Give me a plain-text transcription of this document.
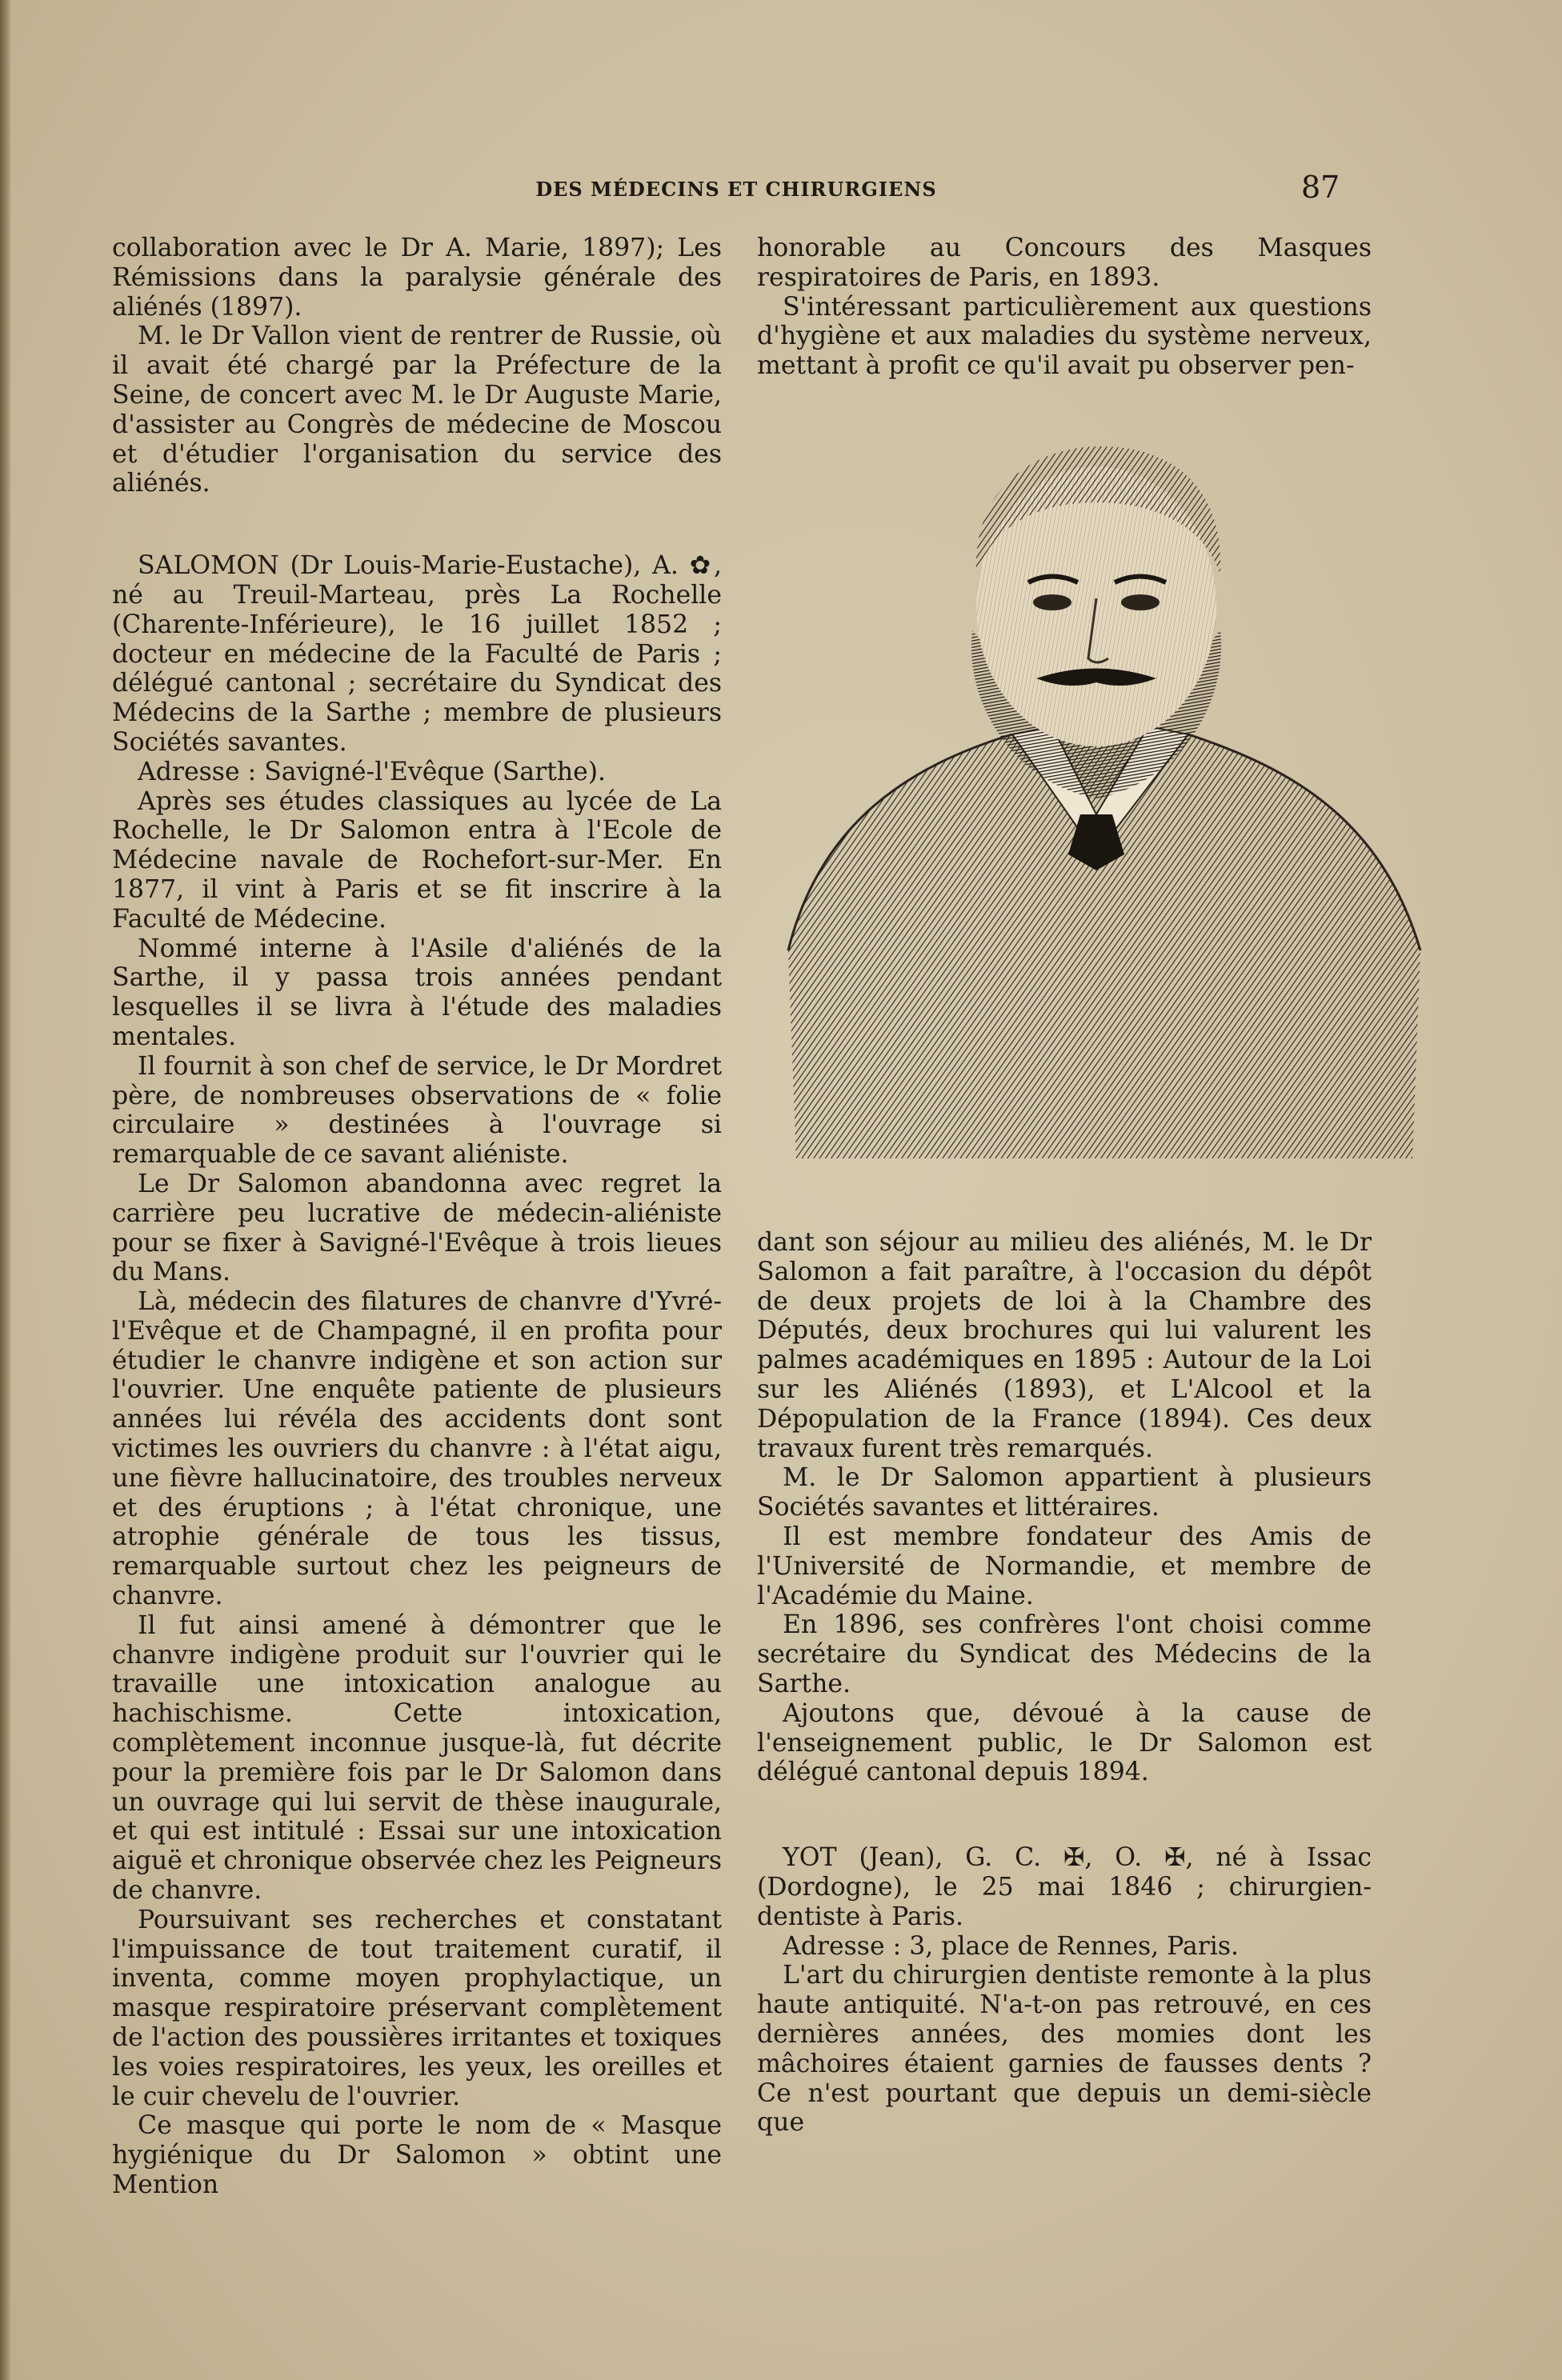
DES MÉDECINS ET CHIRURGIENS	87

collaboration avec le Dr A. Marie, 1897); Les Rémissions dans la paralysie générale des aliénés (1897).

M. le Dr Vallon vient de rentrer de Russie, où il avait été chargé par la Préfecture de la Seine, de concert avec M. le Dr Auguste Marie, d'assister au Congrès de médecine de Moscou et d'étudier l'organisation du service des aliénés.

SALOMON (Dr Louis-Marie-Eustache), A. ✿, né au Treuil-Marteau, près La Rochelle (Charente-Inférieure), le 16 juillet 1852 ; docteur en médecine de la Faculté de Paris ; délégué cantonal ; secrétaire du Syndicat des Médecins de la Sarthe ; membre de plusieurs Sociétés savantes.

Adresse : Savigné-l'Evêque (Sarthe).

Après ses études classiques au lycée de La Rochelle, le Dr Salomon entra à l'Ecole de Médecine navale de Rochefort-sur-Mer. En 1877, il vint à Paris et se fit inscrire à la Faculté de Médecine.

Nommé interne à l'Asile d'aliénés de la Sarthe, il y passa trois années pendant lesquelles il se livra à l'étude des maladies mentales.

Il fournit à son chef de service, le Dr Mordret père, de nombreuses observations de « folie circulaire » destinées à l'ouvrage si remarquable de ce savant aliéniste.

Le Dr Salomon abandonna avec regret la carrière peu lucrative de médecin-aliéniste pour se fixer à Savigné-l'Evêque à trois lieues du Mans.

Là, médecin des filatures de chanvre d'Yvré-l'Evêque et de Champagné, il en profita pour étudier le chanvre indigène et son action sur l'ouvrier. Une enquête patiente de plusieurs années lui révéla des accidents dont sont victimes les ouvriers du chanvre : à l'état aigu, une fièvre hallucinatoire, des troubles nerveux et des éruptions ; à l'état chronique, une atrophie générale de tous les tissus, remarquable surtout chez les peigneurs de chanvre.

Il fut ainsi amené à démontrer que le chanvre indigène produit sur l'ouvrier qui le travaille une intoxication analogue au hachischisme. Cette intoxication, complètement inconnue jusque-là, fut décrite pour la première fois par le Dr Salomon dans un ouvrage qui lui servit de thèse inaugurale, et qui est intitulé : Essai sur une intoxication aiguë et chronique observée chez les Peigneurs de chanvre.

Poursuivant ses recherches et constatant l'impuissance de tout traitement curatif, il inventa, comme moyen prophylactique, un masque respiratoire préservant complètement de l'action des poussières irritantes et toxiques les voies respiratoires, les yeux, les oreilles et le cuir chevelu de l'ouvrier.

Ce masque qui porte le nom de « Masque hygiénique du Dr Salomon » obtint une Mention

honorable au Concours des Masques respiratoires de Paris, en 1893.

S'intéressant particulièrement aux questions d'hygiène et aux maladies du système nerveux, mettant à profit ce qu'il avait pu observer pen-

dant son séjour au milieu des aliénés, M. le Dr Salomon a fait paraître, à l'occasion du dépôt de deux projets de loi à la Chambre des Députés, deux brochures qui lui valurent les palmes académiques en 1895 : Autour de la Loi sur les Aliénés (1893), et L'Alcool et la Dépopulation de la France (1894). Ces deux travaux furent très remarqués.

M. le Dr Salomon appartient à plusieurs Sociétés savantes et littéraires.

Il est membre fondateur des Amis de l'Université de Normandie, et membre de l'Académie du Maine.

En 1896, ses confrères l'ont choisi comme secrétaire du Syndicat des Médecins de la Sarthe.

Ajoutons que, dévoué à la cause de l'enseignement public, le Dr Salomon est délégué cantonal depuis 1894.

YOT (Jean), G. C. ✠, O. ✠, né à Issac (Dordogne), le 25 mai 1846 ; chirurgien-dentiste à Paris.

Adresse : 3, place de Rennes, Paris.

L'art du chirurgien dentiste remonte à la plus haute antiquité. N'a-t-on pas retrouvé, en ces dernières années, des momies dont les mâchoires étaient garnies de fausses dents ? Ce n'est pourtant que depuis un demi-siècle que
